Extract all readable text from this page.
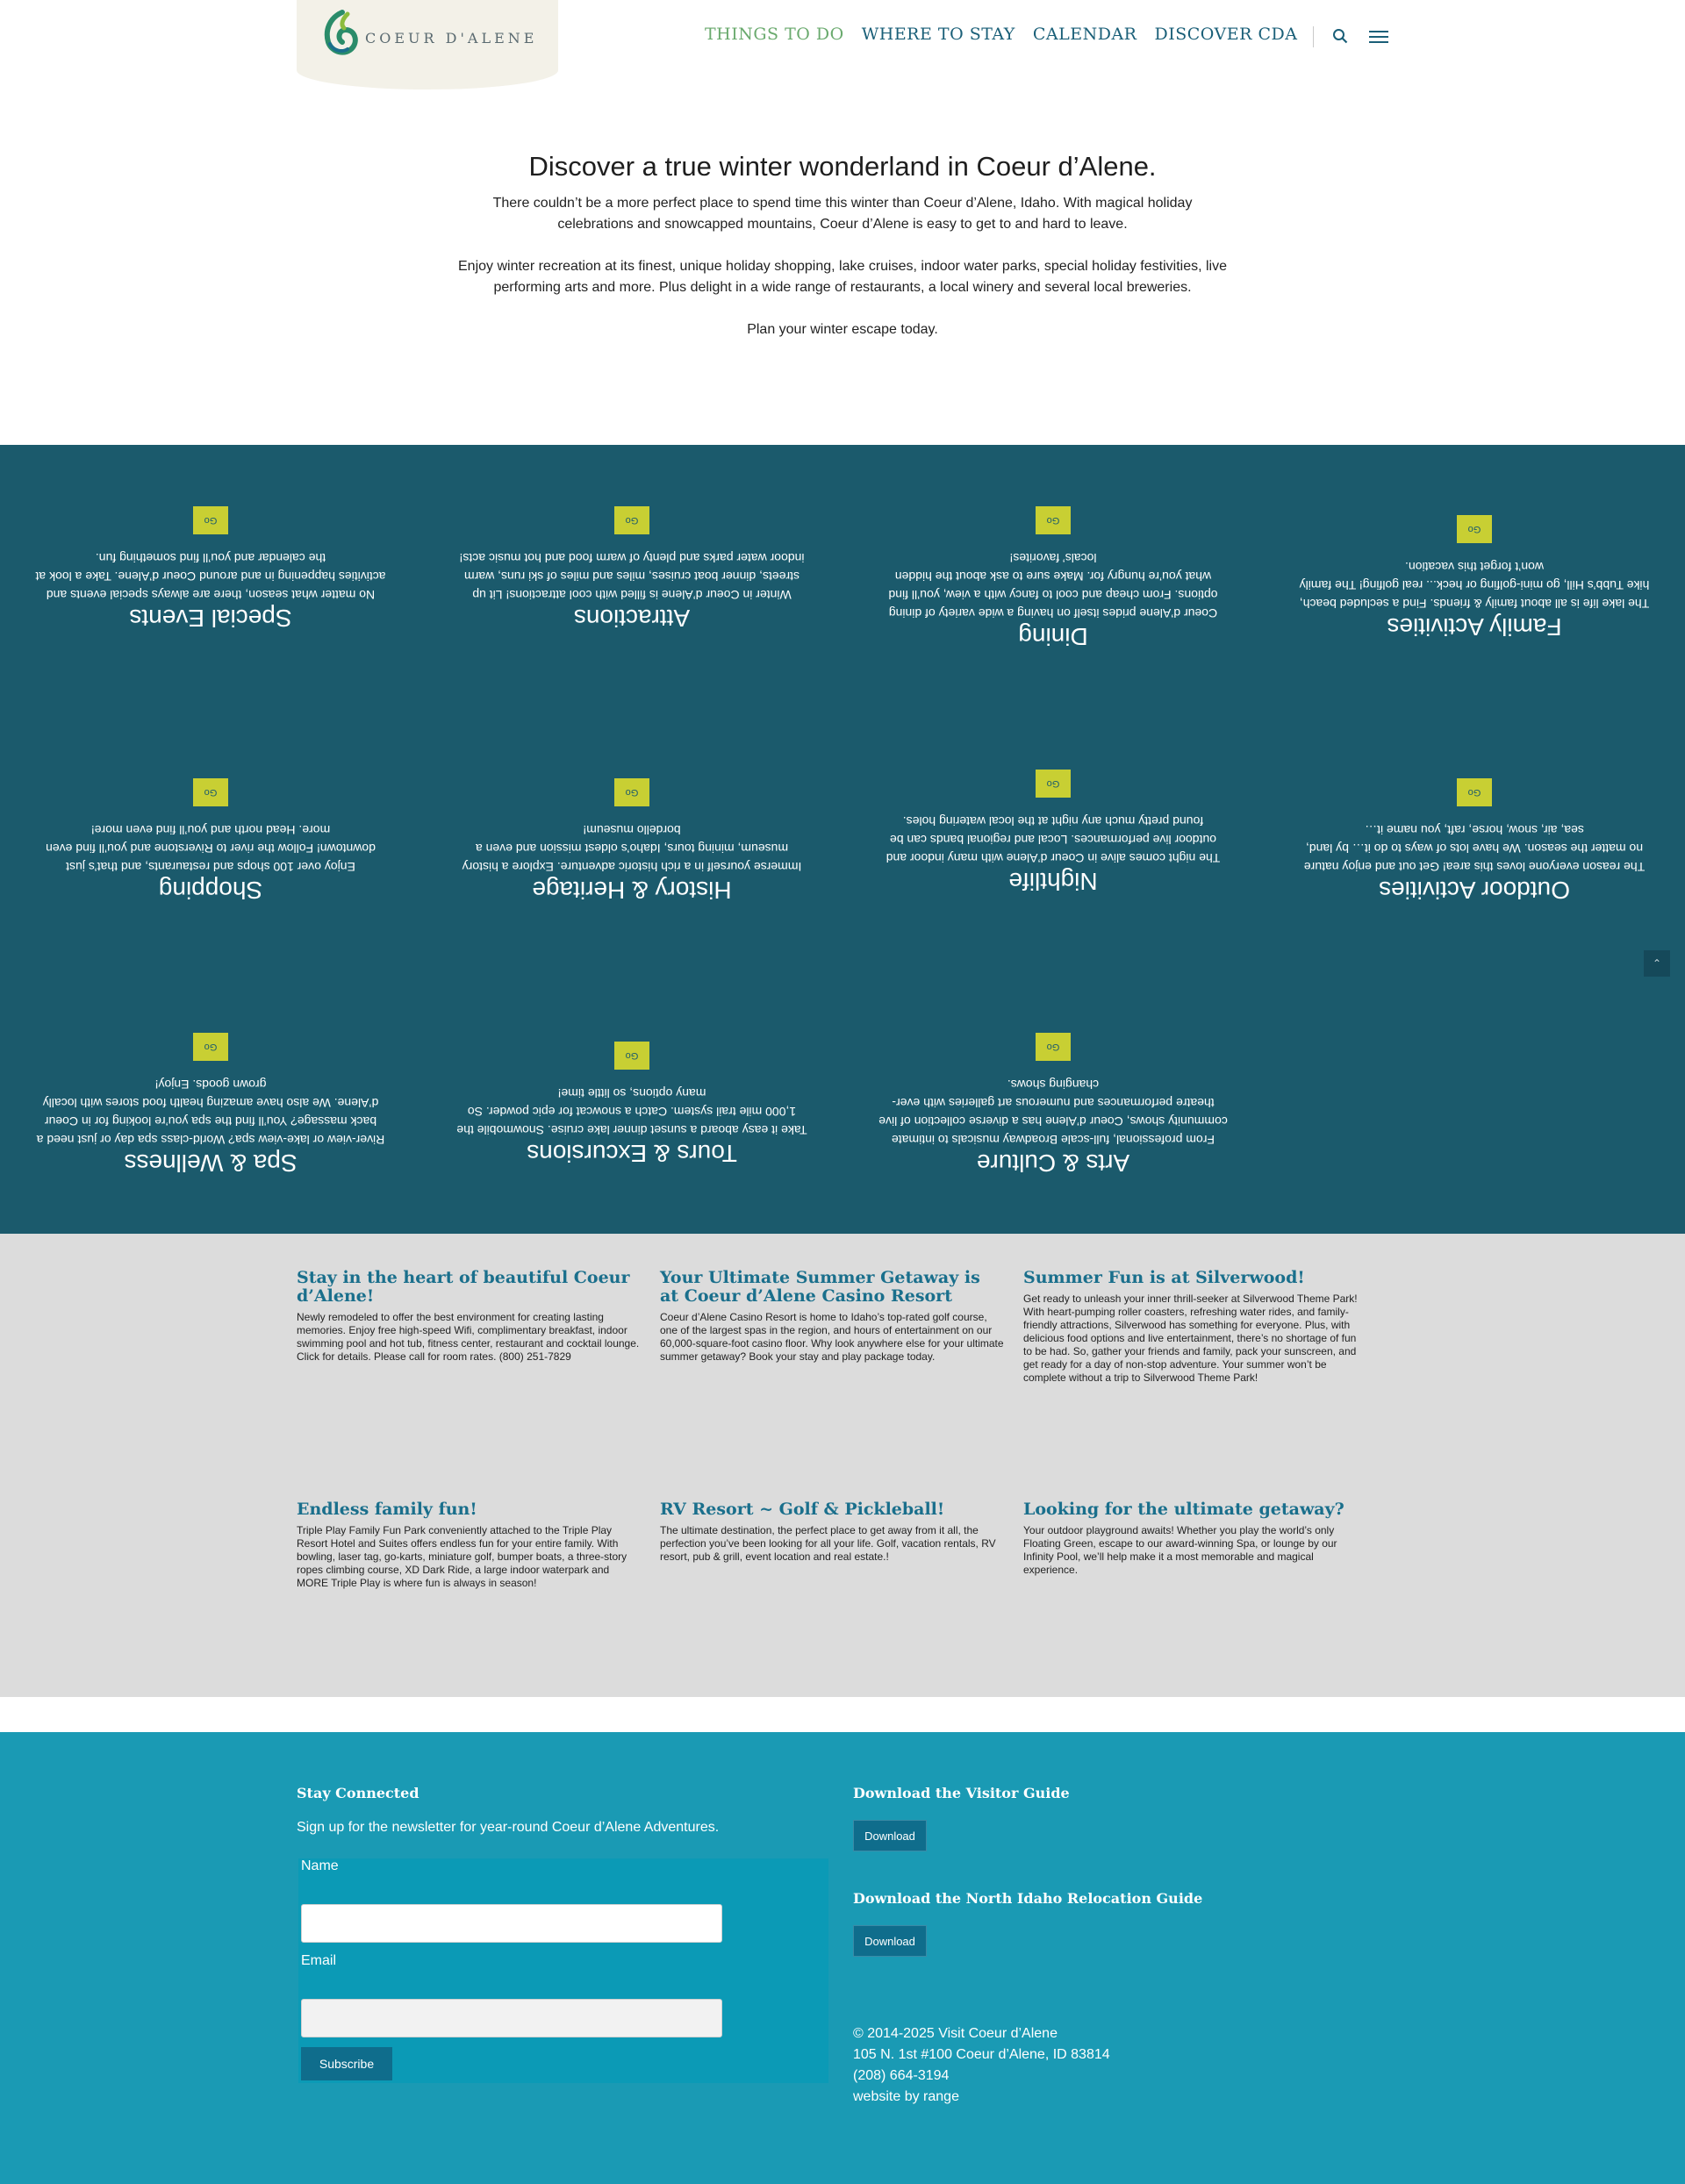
COEUR D'ALENE	THINGS TO DO WHERE TO STAY CALENDAR DISCOVER CDA
Discover a true winter wonderland in Coeur d’Alene.

There couldn’t be a more perfect place to spend time this winter than Coeur d’Alene, Idaho. With magical holiday celebrations and snowcapped mountains, Coeur d’Alene is easy to get to and hard to leave.

Enjoy winter recreation at its finest, unique holiday shopping, lake cruises, indoor water parks, special holiday festivities, live performing arts and more. Plus delight in a wide range of restaurants, a local winery and several local breweries.

Plan your winter escape today.

Special Events

No matter what season, there are always special events and activities happening in and around Coeur d’Alene. Take a look at the calendar and you’ll find something fun.

Go
Attractions

Winter in Coeur d’Alene is filled with cool attractions! Lit up streets, dinner boat cruises, miles and miles of ski runs, warm indoor water parks and plenty of warm food and hot music acts!

Go
Dining

Coeur d’Alene prides itself on having a wide variety of dining options. From cheap and cool to fancy with a view, you’ll find what you’re hungry for. Make sure to ask about the hidden locals’ favorites!

Go
Family Activities

The lake life is all about family & friends. Find a secluded beach, hike Tubb’s Hill, go mini-golfing or heck... real golfing! The family won’t forget this vacation.

Go
Shopping

Enjoy over 100 shops and restaurants, and that’s just downtown! Follow the river to Riverstone and you’ll find even more. Head north and you’ll find even more!

Go
History & Heritage

Immerse yourself in a rich historic adventure. Explore a history museum, mining tours, Idaho’s oldest mission and even a bordello museum!

Go
Nightlife

The night comes alive in Coeur d’Alene with many indoor and outdoor live performances. Local and regional bands can be found pretty much any night at the local watering holes.

Go
Outdoor Activities

The reason everyone loves this area! Get out and enjoy nature no matter the season. We have lots of ways to do it… by land, sea, air, snow, horse, raft, you name it…

Go
Spa & Wellness

River-view or lake-view spa? World-class spa day or just need a back massage? You’ll find the spa you’re looking for in Coeur d’Alene. We also have amazing health food stores with locally grown goods. Enjoy!

Go
Tours & Excursions

Take it easy aboard a sunset dinner lake cruise. Snowmobile the 1,000 mile trail system. Catch a snowcat for epic powder. So many options, so little time!

Go
Arts & Culture

From professional, full-scale Broadway musicals to intimate community shows, Coeur d’Alene has a diverse collection of live theatre performances and numerous art galleries with ever-changing shows.

Go
⌃
Stay in the heart of beautiful Coeur d’Alene!

Newly remodeled to offer the best environment for creating lasting memories. Enjoy free high-speed Wifi, complimentary breakfast, indoor swimming pool and hot tub, fitness center, restaurant and cocktail lounge. Click for details. Please call for room rates. (800) 251-7829

Your Ultimate Summer Getaway is at Coeur d’Alene Casino Resort

Coeur d’Alene Casino Resort is home to Idaho’s top-rated golf course, one of the largest spas in the region, and hours of entertainment on our 60,000-square-foot casino floor. Why look anywhere else for your ultimate summer getaway? Book your stay and play package today.

Summer Fun is at Silverwood!

Get ready to unleash your inner thrill-seeker at Silverwood Theme Park! With heart-pumping roller coasters, refreshing water rides, and family-friendly attractions, Silverwood has something for everyone. Plus, with delicious food options and live entertainment, there’s no shortage of fun to be had. So, gather your friends and family, pack your sunscreen, and get ready for a day of non-stop adventure. Your summer won’t be complete without a trip to Silverwood Theme Park!

Endless family fun!

Triple Play Family Fun Park conveniently attached to the Triple Play Resort Hotel and Suites offers endless fun for your entire family. With bowling, laser tag, go-karts, miniature golf, bumper boats, a three-story ropes climbing course, XD Dark Ride, a large indoor waterpark and MORE Triple Play is where fun is always in season!

RV Resort ~ Golf & Pickleball!

The ultimate destination, the perfect place to get away from it all, the perfection you’ve been looking for all your life. Golf, vacation rentals, RV resort, pub & grill, event location and real estate.!

Looking for the ultimate getaway?

Your outdoor playground awaits! Whether you play the world’s only Floating Green, escape to our award-winning Spa, or lounge by our Infinity Pool, we’ll help make it a most memorable and magical experience.

Stay Connected
Sign up for the newsletter for year-round Coeur d’Alene Adventures.
Name
Email
Subscribe
Download the Visitor Guide
Download
Download the North Idaho Relocation Guide
Download
© 2014-2025 Visit Coeur d’Alene
105 N. 1st #100 Coeur d’Alene, ID 83814
(208) 664-3194
website by range
